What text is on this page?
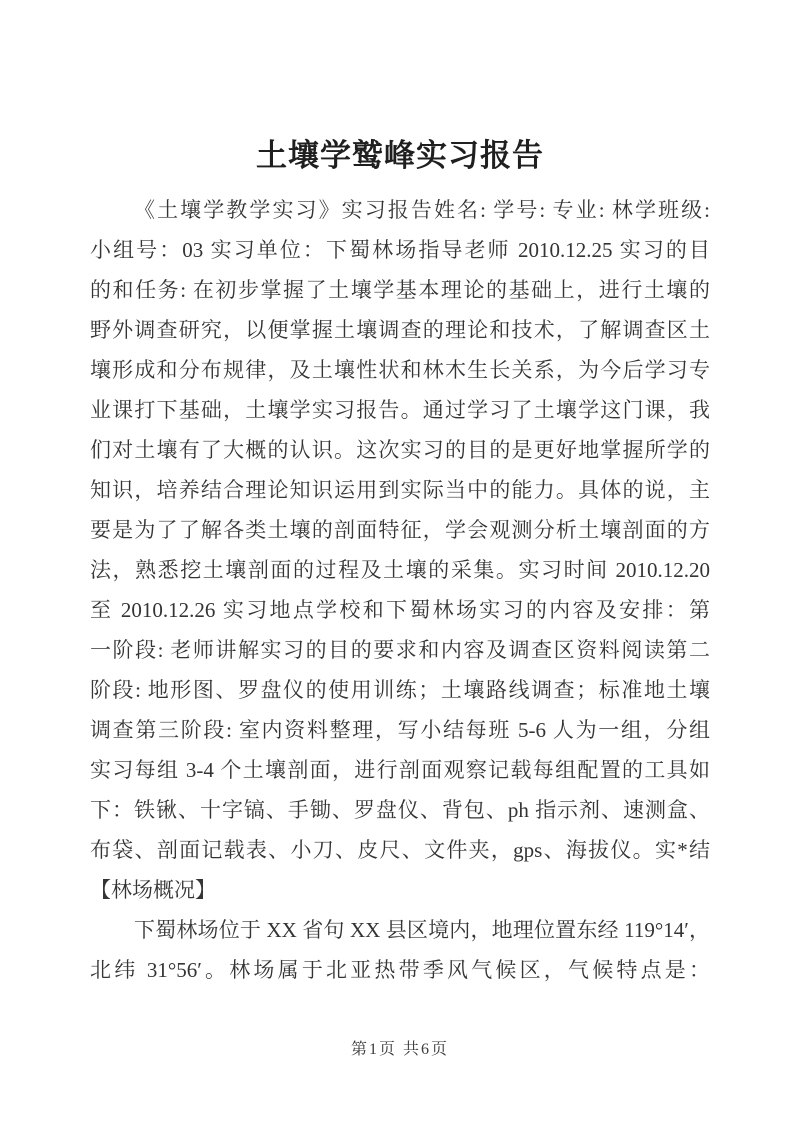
土壤学鹫峰实习报告
《土壤学教学实习》实习报告姓名: 学号: 专业: 林学班级:
小组号：03 实习单位：下蜀林场指导老师 2010.12.25 实习的目
的和任务: 在初步掌握了土壤学基本理论的基础上，进行土壤的
野外调查研究，以便掌握土壤调查的理论和技术，了解调查区土
壤形成和分布规律，及土壤性状和林木生长关系，为今后学习专
业课打下基础，土壤学实习报告。通过学习了土壤学这门课，我
们对土壤有了大概的认识。这次实习的目的是更好地掌握所学的
知识，培养结合理论知识运用到实际当中的能力。具体的说，主
要是为了了解各类土壤的剖面特征，学会观测分析土壤剖面的方
法，熟悉挖土壤剖面的过程及土壤的采集。实习时间 2010.12.20
至 2010.12.26 实习地点学校和下蜀林场实习的内容及安排：第
一阶段: 老师讲解实习的目的要求和内容及调查区资料阅读第二
阶段: 地形图、罗盘仪的使用训练；土壤路线调查；标准地土壤
调查第三阶段: 室内资料整理，写小结每班 5-6 人为一组，分组
实习每组 3-4 个土壤剖面，进行剖面观察记载每组配置的工具如
下：铁锹、十字镐、手锄、罗盘仪、背包、ph 指示剂、速测盒、
布袋、剖面记载表、小刀、皮尺、文件夹，gps、海拔仪。实*结
【林场概况】
下蜀林场位于 XX 省句 XX 县区境内，地理位置东经 119°14′，
北纬 31°56′。林场属于北亚热带季风气候区，气候特点是：
第1页 共6页
